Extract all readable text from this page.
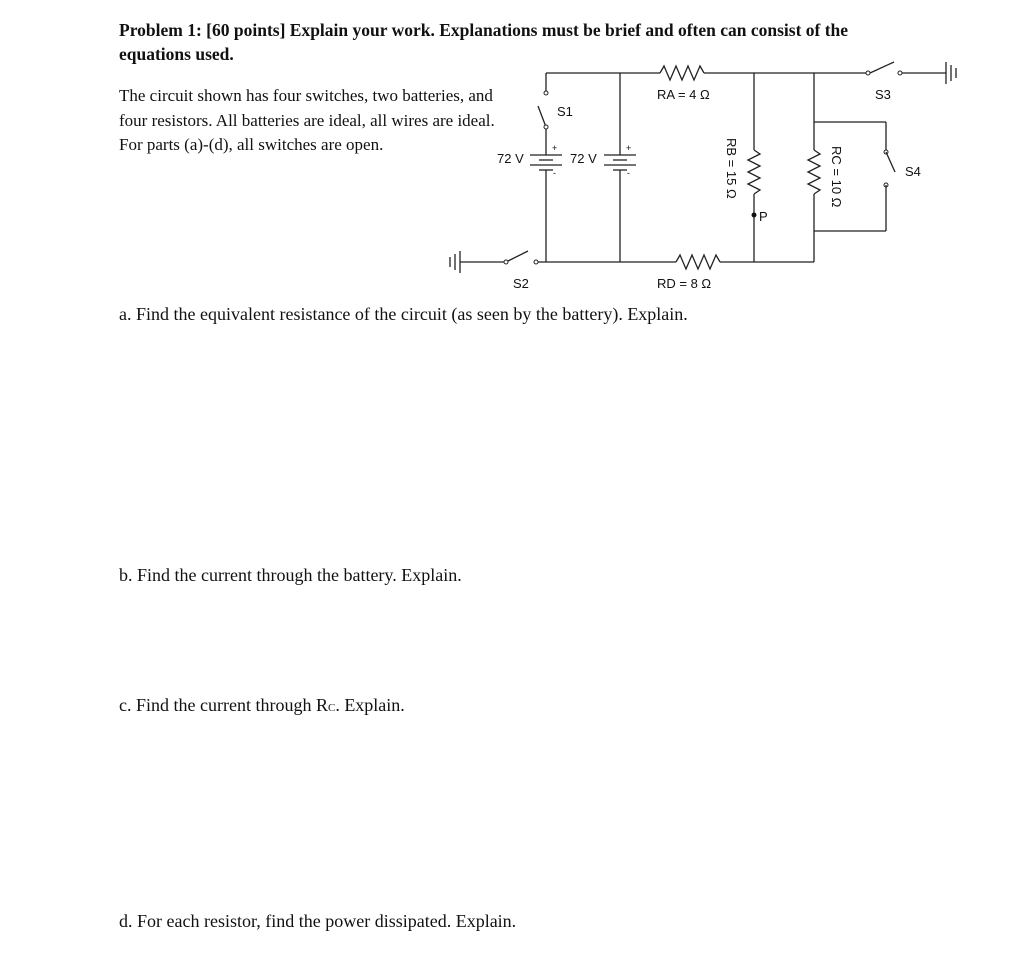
Problem 1: [60 points] Explain your work. Explanations must be brief and often can consist of the equations used.

The circuit shown has four switches, two batteries, and four resistors. All batteries are ideal, all wires are ideal. For parts (a)-(d), all switches are open.
72 V	72 V
+
-
+
-
S1
S2
S3
S4
RA = 4 Ω
RD = 8 Ω
RB = 15 Ω	RC = 10 Ω
P
a. Find the equivalent resistance of the circuit (as seen by the battery). Explain.
b. Find the current through the battery. Explain.
c. Find the current through RC. Explain.
d. For each resistor, find the power dissipated. Explain.
